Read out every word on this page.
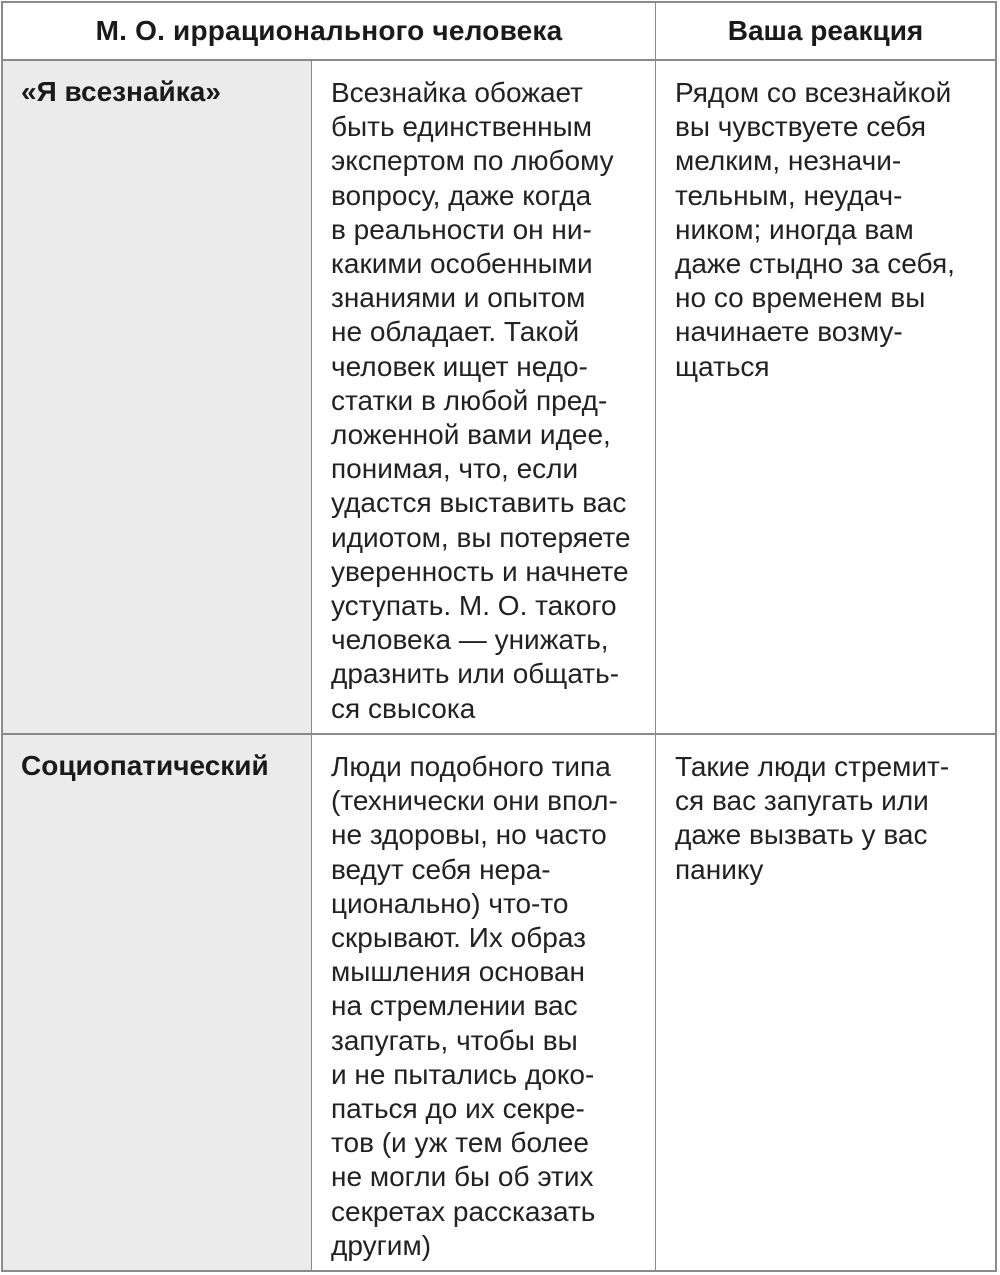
М. О. иррационального человека	Ваша реакция
«Я всезнайка»	Всезнайка обожает
быть единственным
экспертом по любому
вопросу, даже когда
в реальности он ни-
какими особенными
знаниями и опытом
не обладает. Такой
человек ищет недо-
статки в любой пред-
ложенной вами идее,
понимая, что, если
удастся выставить вас
идиотом, вы потеряете
уверенность и начнете
уступать. М. О. такого
человека — унижать,
дразнить или общать-
ся свысока
Рядом со всезнайкой
вы чувствуете себя
мелким, незначи-
тельным, неудач-
ником; иногда вам
даже стыдно за себя,
но со временем вы
начинаете возму-
щаться
Социопатический Люди подобного типа
(технически они впол-
не здоровы, но часто
ведут себя нера-
ционально) что-то
скрывают. Их образ
мышления основан
на стремлении вас
запугать, чтобы вы
и не пытались доко-
паться до их секре-
тов (и уж тем более
не могли бы об этих
секретах рассказать
другим)
Такие люди стремит-
ся вас запугать или
даже вызвать у вас
панику
